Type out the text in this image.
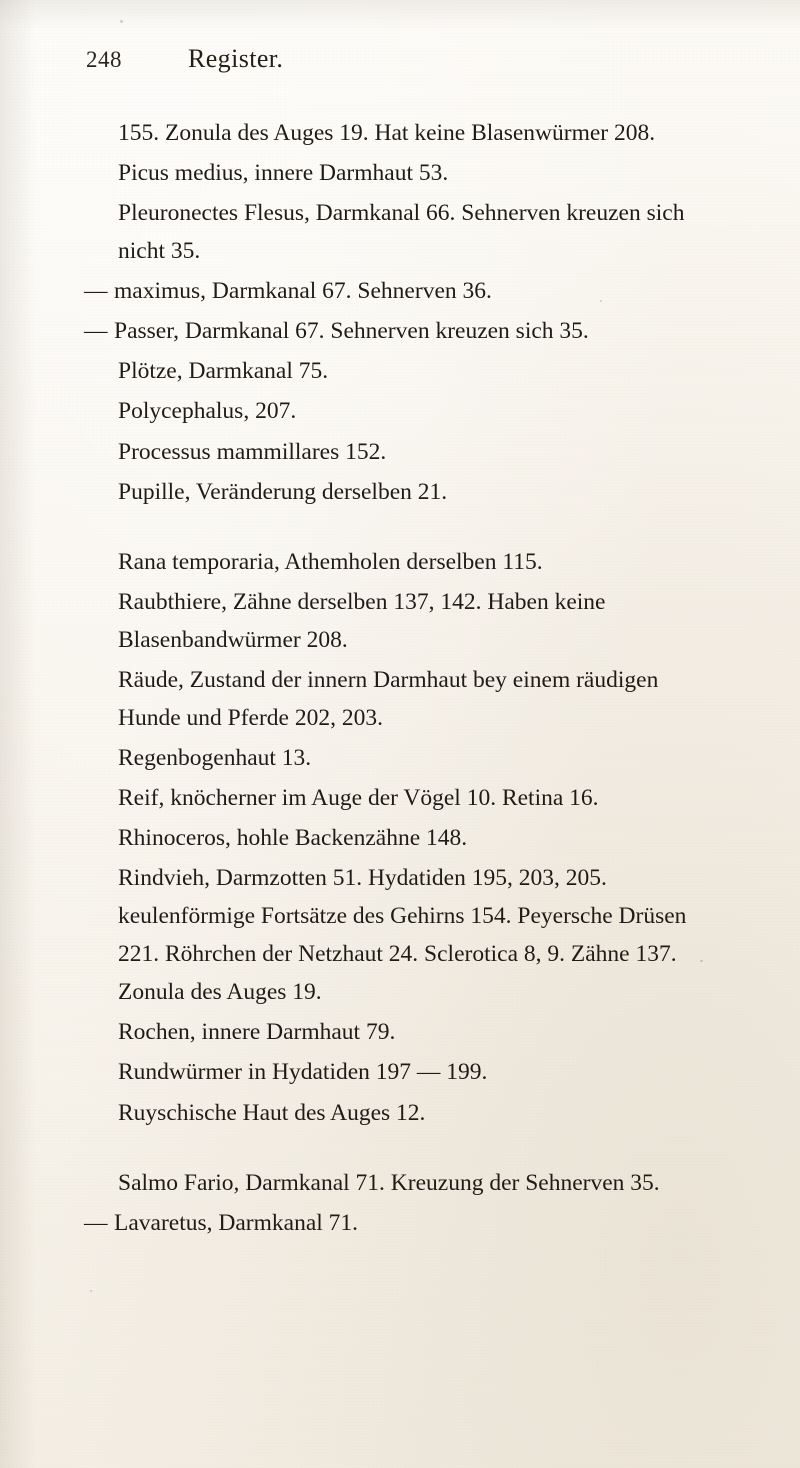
248	Register.

155. Zonula des Auges 19. Hat keine Blasenwürmer 208.

Picus medius, innere Darmhaut 53.

Pleuronectes Flesus, Darmkanal 66. Sehnerven kreuzen sich nicht 35.

— maximus, Darmkanal 67. Sehnerven 36.

— Passer, Darmkanal 67. Sehnerven kreuzen sich 35.

Plötze, Darmkanal 75.

Polycephalus, 207.

Processus mammillares 152.

Pupille, Veränderung derselben 21.

Rana temporaria, Athemholen derselben 115.

Raubthiere, Zähne derselben 137, 142. Haben keine Blasenbandwürmer 208.

Räude, Zustand der innern Darmhaut bey einem räudigen Hunde und Pferde 202, 203.

Regenbogenhaut 13.

Reif, knöcherner im Auge der Vögel 10. Retina 16.

Rhinoceros, hohle Backenzähne 148.

Rindvieh, Darmzotten 51. Hydatiden 195, 203, 205. keulenförmige Fortsätze des Gehirns 154. Peyersche Drüsen 221. Röhrchen der Netzhaut 24. Sclerotica 8, 9. Zähne 137. Zonula des Auges 19.

Rochen, innere Darmhaut 79.

Rundwürmer in Hydatiden 197 — 199.

Ruyschische Haut des Auges 12.

Salmo Fario, Darmkanal 71. Kreuzung der Sehnerven 35.

— Lavaretus, Darmkanal 71.
